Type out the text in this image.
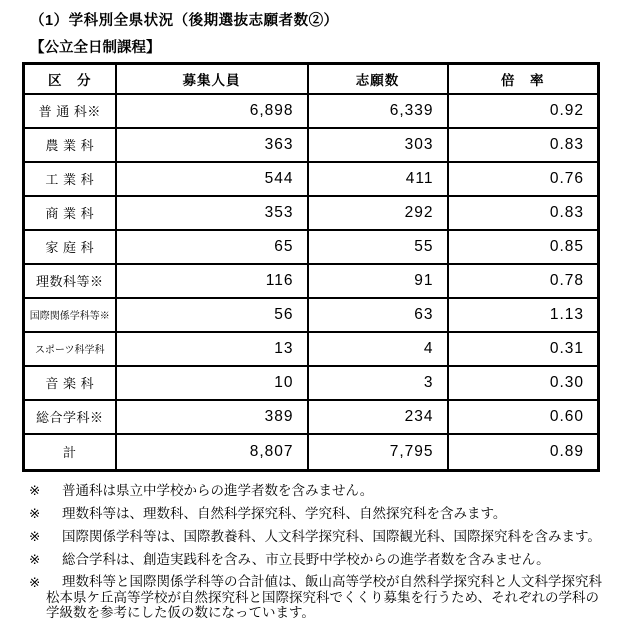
（1）学科別全県状況（後期選抜志願者数②）
【公立全日制課程】
区　分	募集人員	志願数	倍　率
普 通 科※	6,898	6,339	0.92
農 業 科	363	303	0.83
工 業 科	544	411	0.76
商 業 科	353	292	0.83
家 庭 科	65	55	0.85
理数科等※	116	91	0.78
国際関係学科等※	56	63	1.13
スポーツ科学科	13	4	0.31
音 楽 科	10	3	0.30
総合学科※	389	234	0.60
計	8,807	7,795	0.89
※	普通科は県立中学校からの進学者数を含みません。
※	理数科等は、理数科、自然科学探究科、学究科、自然探究科を含みます。
※	国際関係学科等は、国際教養科、人文科学探究科、国際観光科、国際探究科を含みます。
※	総合学科は、創造実践科を含み、市立長野中学校からの進学者数を含みません。
※	理数科等と国際関係学科等の合計値は、飯山高等学校が自然科学探究科と人文科学探究科
松本県ケ丘高等学校が自然探究科と国際探究科でくくり募集を行うため、それぞれの学科の
学級数を参考にした仮の数になっています。
